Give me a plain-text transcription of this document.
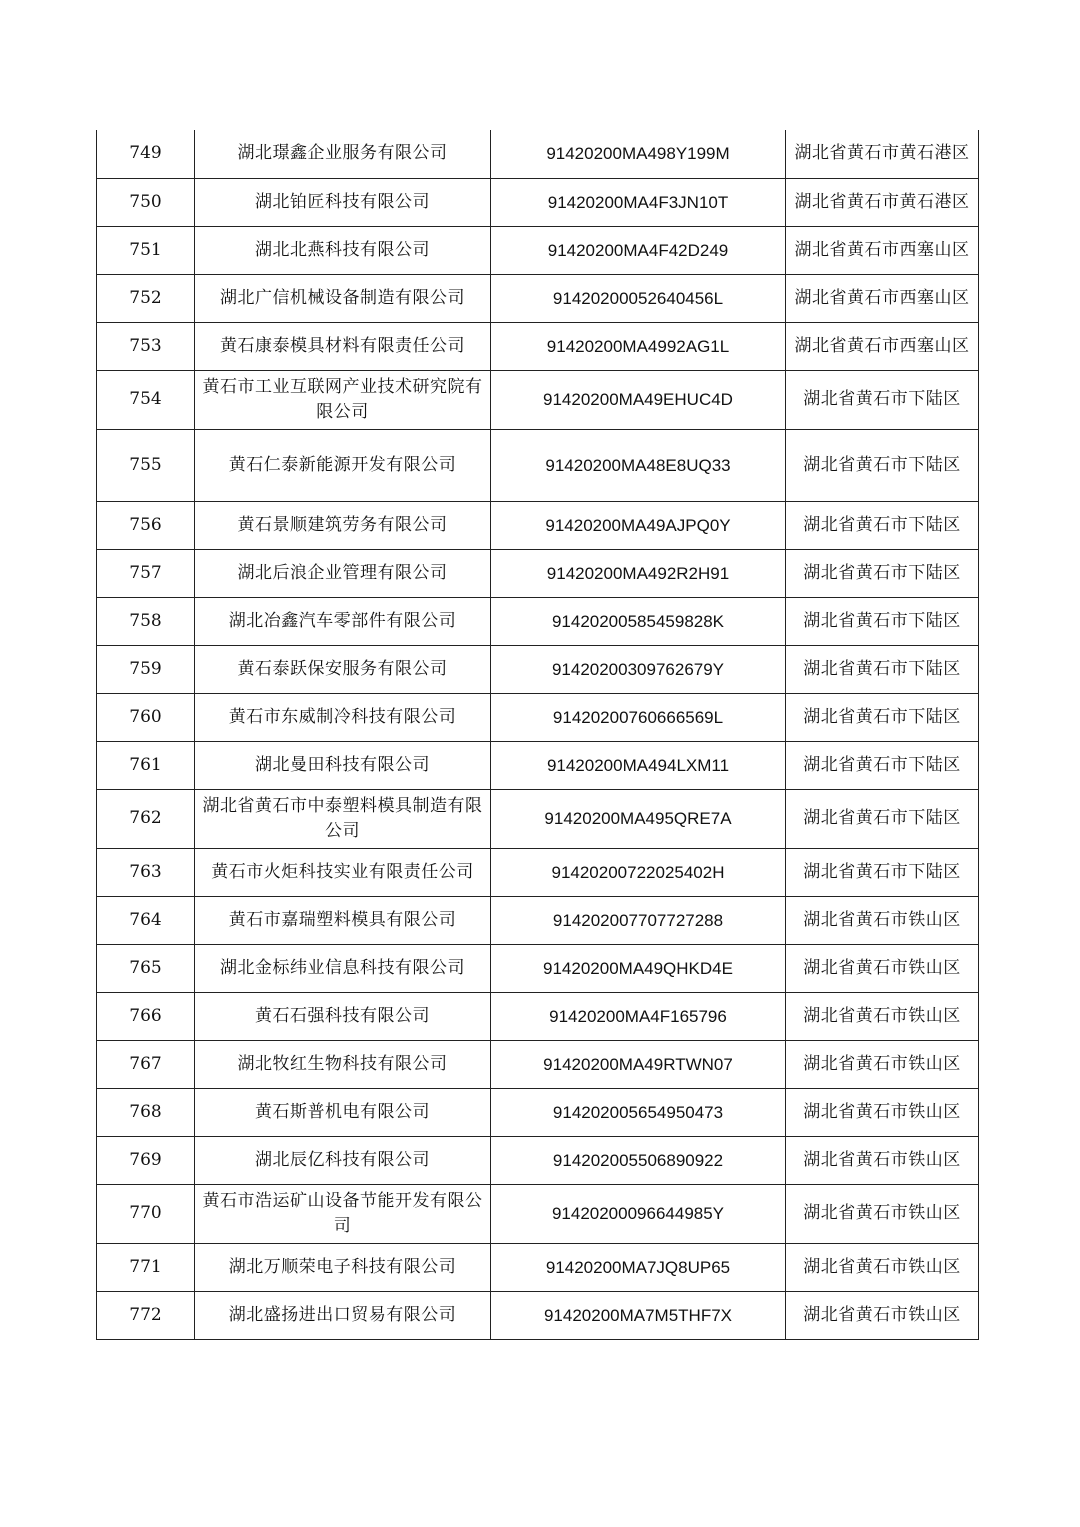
749	湖北璟鑫企业服务有限公司	91420200MA498Y199M	湖北省黄石市黄石港区
750	湖北铂匠科技有限公司	91420200MA4F3JN10T	湖北省黄石市黄石港区
751	湖北北燕科技有限公司	91420200MA4F42D249	湖北省黄石市西塞山区
752	湖北广信机械设备制造有限公司	91420200052640456L	湖北省黄石市西塞山区
753	黄石康泰模具材料有限责任公司	91420200MA4992AG1L	湖北省黄石市西塞山区
754	黄石市工业互联网产业技术研究院有限公司	91420200MA49EHUC4D	湖北省黄石市下陆区
755	黄石仁泰新能源开发有限公司	91420200MA48E8UQ33	湖北省黄石市下陆区
756	黄石景顺建筑劳务有限公司	91420200MA49AJPQ0Y	湖北省黄石市下陆区
757	湖北后浪企业管理有限公司	91420200MA492R2H91	湖北省黄石市下陆区
758	湖北冶鑫汽车零部件有限公司	91420200585459828K	湖北省黄石市下陆区
759	黄石泰跃保安服务有限公司	91420200309762679Y	湖北省黄石市下陆区
760	黄石市东威制冷科技有限公司	91420200760666569L	湖北省黄石市下陆区
761	湖北曼田科技有限公司	91420200MA494LXM11	湖北省黄石市下陆区
762	湖北省黄石市中泰塑料模具制造有限公司	91420200MA495QRE7A	湖北省黄石市下陆区
763	黄石市火炬科技实业有限责任公司	91420200722025402H	湖北省黄石市下陆区
764	黄石市嘉瑞塑料模具有限公司	914202007707727288	湖北省黄石市铁山区
765	湖北金标纬业信息科技有限公司	91420200MA49QHKD4E	湖北省黄石市铁山区
766	黄石石强科技有限公司	91420200MA4F165796	湖北省黄石市铁山区
767	湖北牧红生物科技有限公司	91420200MA49RTWN07	湖北省黄石市铁山区
768	黄石斯普机电有限公司	914202005654950473	湖北省黄石市铁山区
769	湖北辰亿科技有限公司	914202005506890922	湖北省黄石市铁山区
770	黄石市浩运矿山设备节能开发有限公司	91420200096644985Y	湖北省黄石市铁山区
771	湖北万顺荣电子科技有限公司	91420200MA7JQ8UP65	湖北省黄石市铁山区
772	湖北盛扬进出口贸易有限公司	91420200MA7M5THF7X	湖北省黄石市铁山区
